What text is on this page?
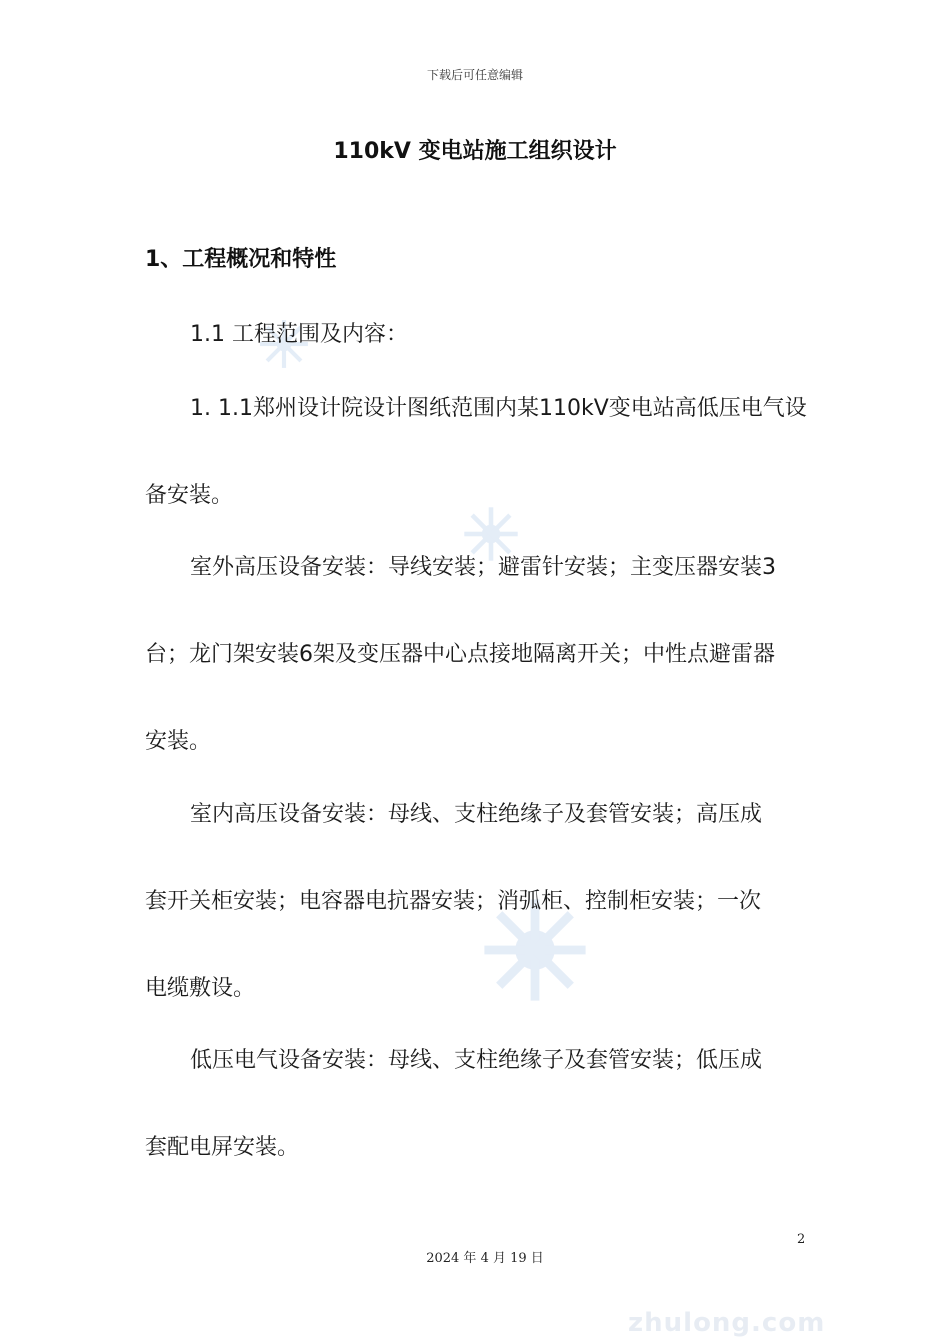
下载后可任意编辑
110kV 变电站施工组织设计
1、工程概况和特性
1.1 工程范围及内容：
1. 1.1郑州设计院设计图纸范围内某110kV变电站高低压电气设
备安装。
室外高压设备安装：导线安装；避雷针安装；主变压器安装3
台；龙门架安装6架及变压器中心点接地隔离开关；中性点避雷器
安装。
室内高压设备安装：母线、支柱绝缘子及套管安装；高压成
套开关柜安装；电容器电抗器安装；消弧柜、控制柜安装；一次
电缆敷设。
低压电气设备安装：母线、支柱绝缘子及套管安装；低压成
套配电屏安装。
2
2024 年 4 月 19 日
zhulong.com
